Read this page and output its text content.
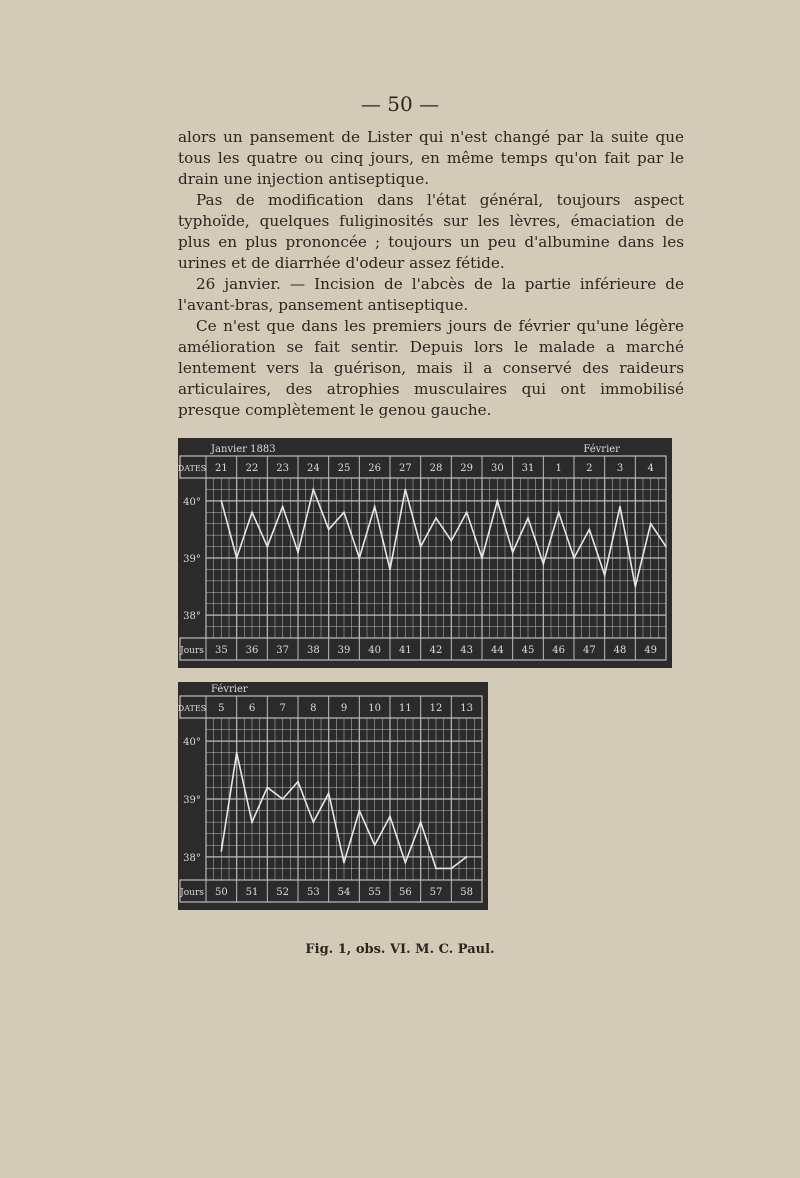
— 50 —

alors un pansement de Lister qui n'est changé par la suite que tous les quatre ou cinq jours, en même temps qu'on fait par le drain une injection antiseptique.

Pas de modification dans l'état général, toujours aspect typhoïde, quelques fuliginosités sur les lèvres, émaciation de plus en plus prononcée ; toujours un peu d'albumine dans les urines et de diarrhée d'odeur assez fétide.

26 janvier. — Incision de l'abcès de la partie inférieure de l'avant-bras, pansement antiseptique.

Ce n'est que dans les premiers jours de février qu'une légère amélioration se fait sentir. Depuis lors le malade a marché lentement vers la guérison, mais il a conservé des raideurs articulaires, des atrophies musculaires qui ont immobilisé presque complètement le genou gauche.

Janvier 1883	Février
DATES 21 22 23 24 25 26 27 28 29 30 31 1 2 3 4
40°
39°
38°
Jours 35 36 37 38 39 40 41 42 43 44 45 46 47 48 49
Février
DATES 5 6 7 8 9 10 11 12 13
40°
39°
38°
Jours 50 51 52 53 54 55 56 57 58
Fig. 1, obs. VI. M. C. Paul.
